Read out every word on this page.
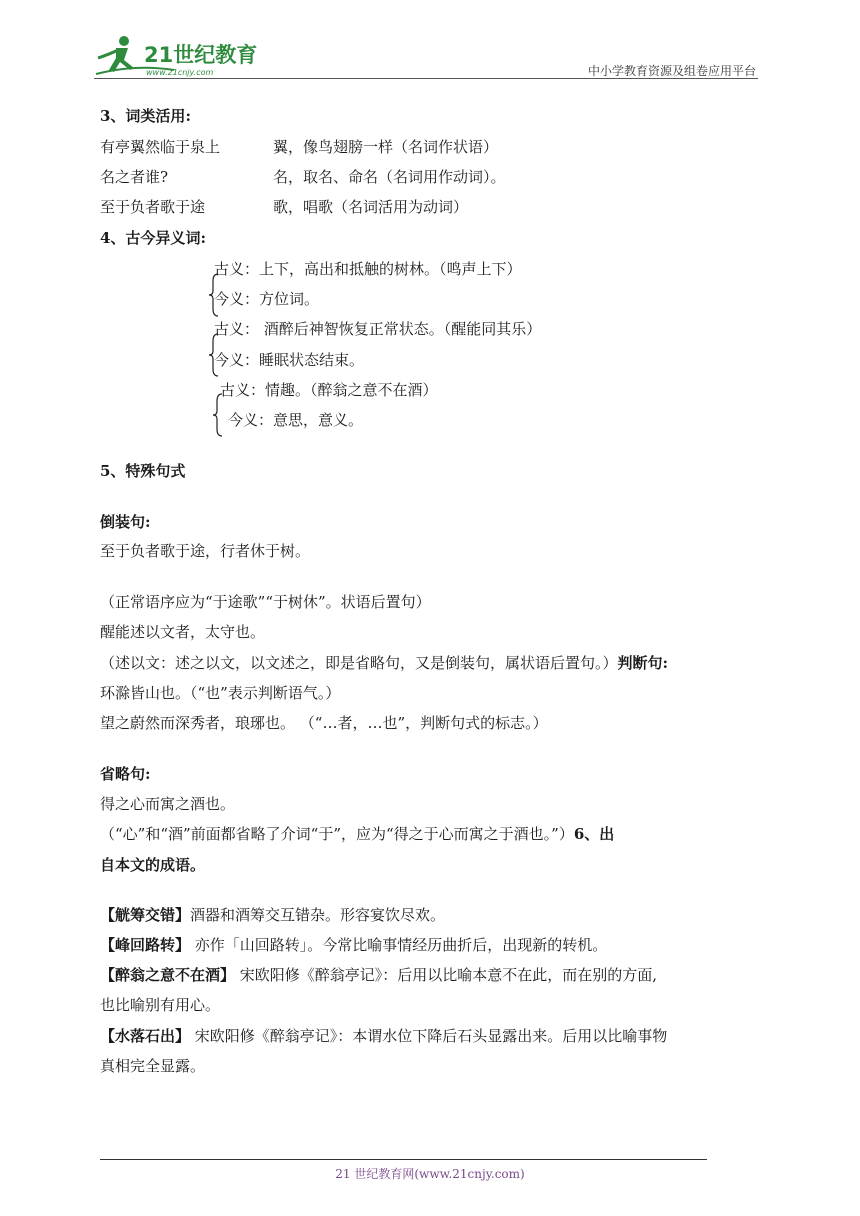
21世纪教育
www.21cnjy.com	中小学教育资源及组卷应用平台
3、词类活用:
有亭翼然临于泉上	翼，像鸟翅膀一样（名词作状语）
名之者谁?	名，取名、命名（名词用作动词）。
至于负者歌于途	歌，唱歌（名词活用为动词）
4、古今异义词:
古义：上下，高出和抵触的树林。（鸣声上下）
今义：方位词。
古义： 酒醉后神智恢复正常状态。（醒能同其乐）
今义：睡眠状态结束。
古义：情趣。（醉翁之意不在酒）
今义：意思，意义。
5、特殊句式
倒装句:
至于负者歌于途，行者休于树。
（正常语序应为“于途歌”“于树休”。状语后置句）
醒能述以文者，太守也。
（述以文：述之以文，以文述之，即是省略句，又是倒装句，属状语后置句。）判断句:
环滁皆山也。（“也”表示判断语气。）
望之蔚然而深秀者，琅琊也。 （“…者，…也”，判断句式的标志。）
省略句:
得之心而寓之酒也。
（“心”和“酒”前面都省略了介词“于”，应为“得之于心而寓之于酒也。”）6、出
自本文的成语。
【觥筹交错】酒器和酒筹交互错杂。形容宴饮尽欢。
【峰回路转】 亦作「山回路转」。今常比喻事情经历曲折后，出现新的转机。
【醉翁之意不在酒】 宋欧阳修《醉翁亭记》：后用以比喻本意不在此，而在别的方面,
也比喻别有用心。
【水落石出】 宋欧阳修《醉翁亭记》：本谓水位下降后石头显露出来。后用以比喻事物
真相完全显露。
21 世纪教育网(www.21cnjy.com)
